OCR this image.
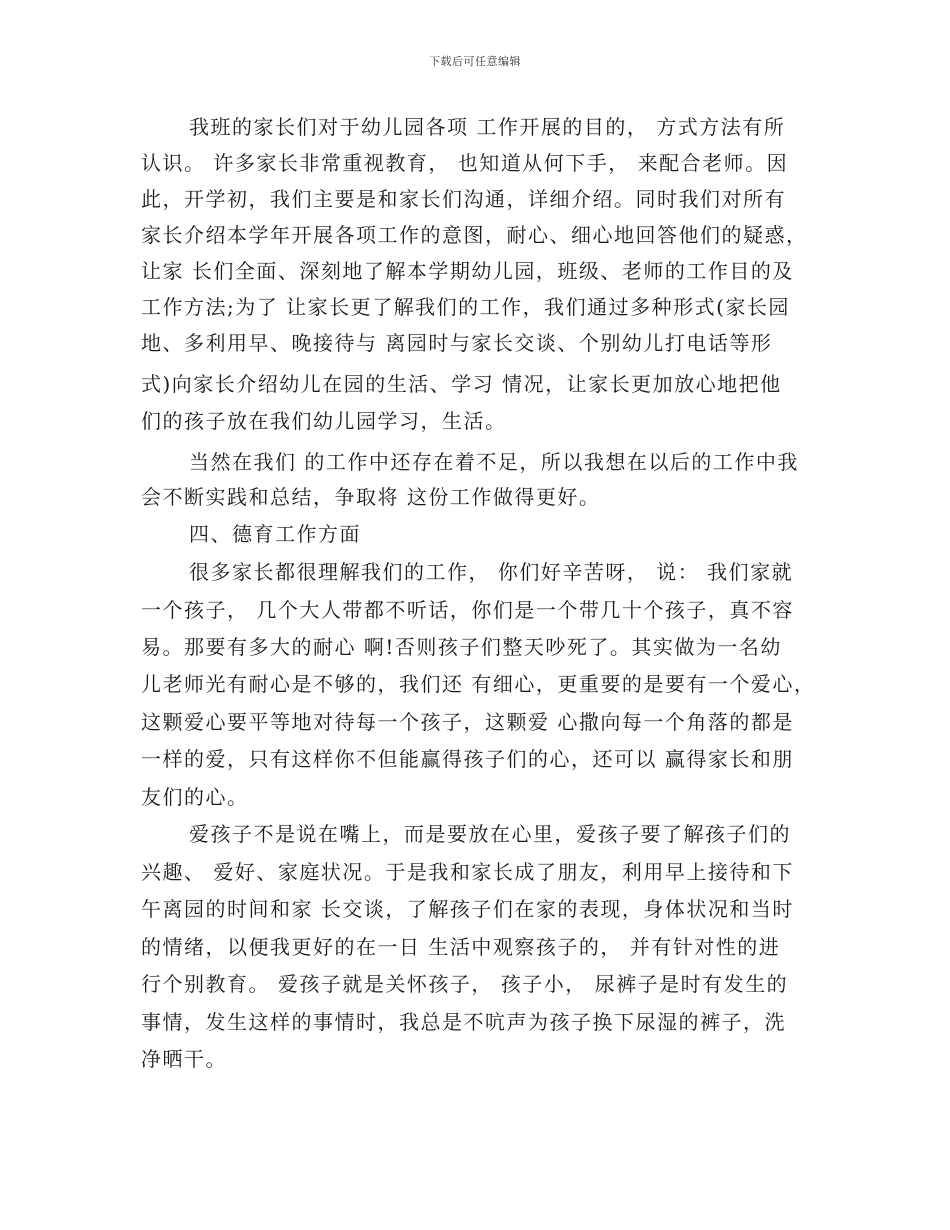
下载后可任意编辑
我班的家长们对于幼儿园各项 工作开展的目的， 方式方法有所
认识。 许多家长非常重视教育， 也知道从何下手， 来配合老师。因
此，开学初，我们主要是和家长们沟通，详细介绍。同时我们对所有
家长介绍本学年开展各项工作的意图，耐心、细心地回答他们的疑惑，
让家 长们全面、深刻地了解本学期幼儿园，班级、老师的工作目的及
工作方法;为了 让家长更了解我们的工作，我们通过多种形式(家长园
地、多利用早、晚接待与 离园时与家长交谈、个别幼儿打电话等形
式)向家长介绍幼儿在园的生活、学习 情况，让家长更加放心地把他
们的孩子放在我们幼儿园学习，生活。
当然在我们 的工作中还存在着不足，所以我想在以后的工作中我
会不断实践和总结，争取将 这份工作做得更好。
四、德育工作方面
很多家长都很理解我们的工作， 你们好辛苦呀， 说： 我们家就
一个孩子， 几个大人带都不听话，你们是一个带几十个孩子，真不容
易。那要有多大的耐心 啊!否则孩子们整天吵死了。其实做为一名幼
儿老师光有耐心是不够的，我们还 有细心，更重要的是要有一个爱心，
这颗爱心要平等地对待每一个孩子，这颗爱 心撒向每一个角落的都是
一样的爱，只有这样你不但能赢得孩子们的心，还可以 赢得家长和朋
友们的心。
爱孩子不是说在嘴上，而是要放在心里，爱孩子要了解孩子们的
兴趣、 爱好、家庭状况。于是我和家长成了朋友，利用早上接待和下
午离园的时间和家 长交谈，了解孩子们在家的表现，身体状况和当时
的情绪，以便我更好的在一日 生活中观察孩子的， 并有针对性的进
行个别教育。 爱孩子就是关怀孩子， 孩子小， 尿裤子是时有发生的
事情，发生这样的事情时，我总是不吭声为孩子换下尿湿的裤子，洗
净晒干。
